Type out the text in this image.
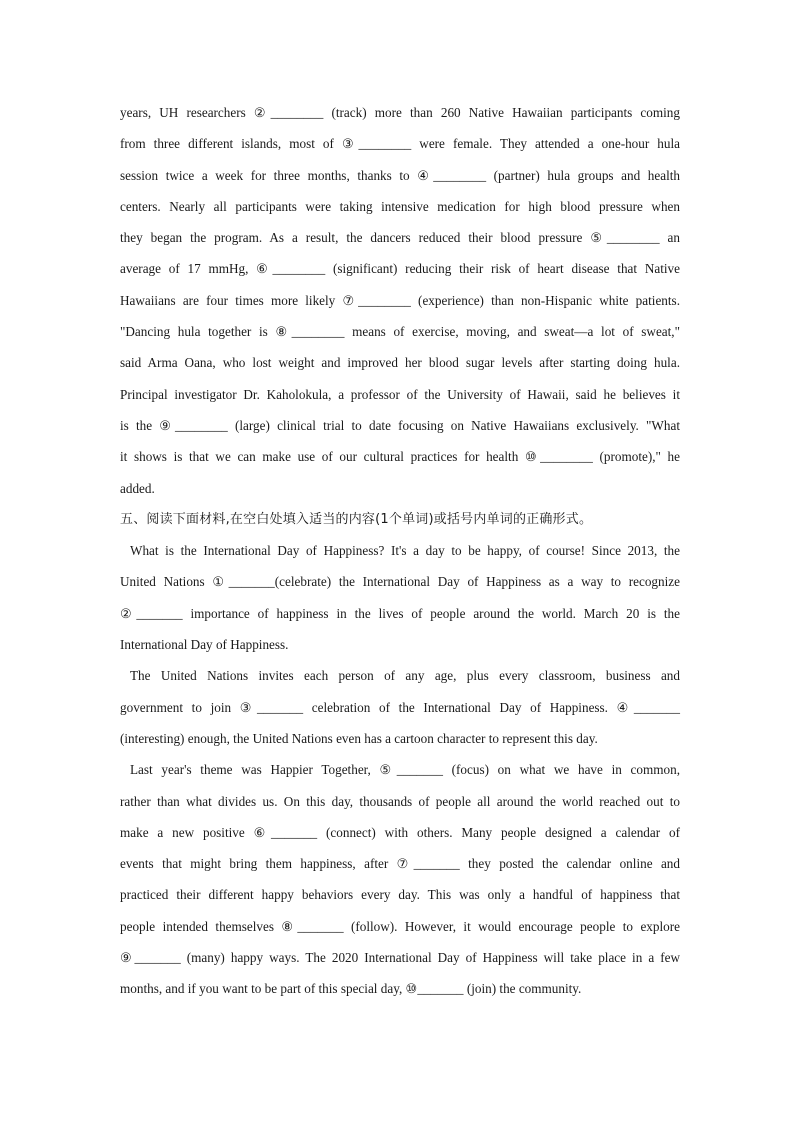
years, UH researchers ②________ (track) more than 260 Native Hawaiian participants coming
from three different islands, most of ③________ were female. They attended a one-hour hula
session twice a week for three months, thanks to ④________ (partner) hula groups and health
centers. Nearly all participants were taking intensive medication for high blood pressure when
they began the program. As a result, the dancers reduced their blood pressure ⑤________ an
average of 17 mmHg, ⑥________ (significant) reducing their risk of heart disease that Native
Hawaiians are four times more likely ⑦________ (experience) than non-Hispanic white patients.
"Dancing hula together is ⑧________ means of exercise, moving, and sweat—a lot of sweat,"
said Arma Oana, who lost weight and improved her blood sugar levels after starting doing hula.
Principal investigator Dr. Kaholokula, a professor of the University of Hawaii, said he believes it
is the ⑨________ (large) clinical trial to date focusing on Native Hawaiians exclusively. "What
it shows is that we can make use of our cultural practices for health ⑩________ (promote)," he
added.
五、阅读下面材料,在空白处填入适当的内容(1个单词)或括号内单词的正确形式。
What is the International Day of Happiness? It's a day to be happy, of course! Since 2013, the
United Nations ①_______(celebrate) the International Day of Happiness as a way to recognize
②_______ importance of happiness in the lives of people around the world. March 20 is the
International Day of Happiness.
The United Nations invites each person of any age, plus every classroom, business and
government to join ③_______ celebration of the International Day of Happiness. ④_______
(interesting) enough, the United Nations even has a cartoon character to represent this day.
Last year's theme was Happier Together, ⑤_______ (focus) on what we have in common,
rather than what divides us. On this day, thousands of people all around the world reached out to
make a new positive ⑥_______ (connect) with others. Many people designed a calendar of
events that might bring them happiness, after ⑦_______ they posted the calendar online and
practiced their different happy behaviors every day. This was only a handful of happiness that
people intended themselves ⑧_______ (follow). However, it would encourage people to explore
⑨_______ (many) happy ways. The 2020 International Day of Happiness will take place in a few
months, and if you want to be part of this special day, ⑩_______ (join) the community.
